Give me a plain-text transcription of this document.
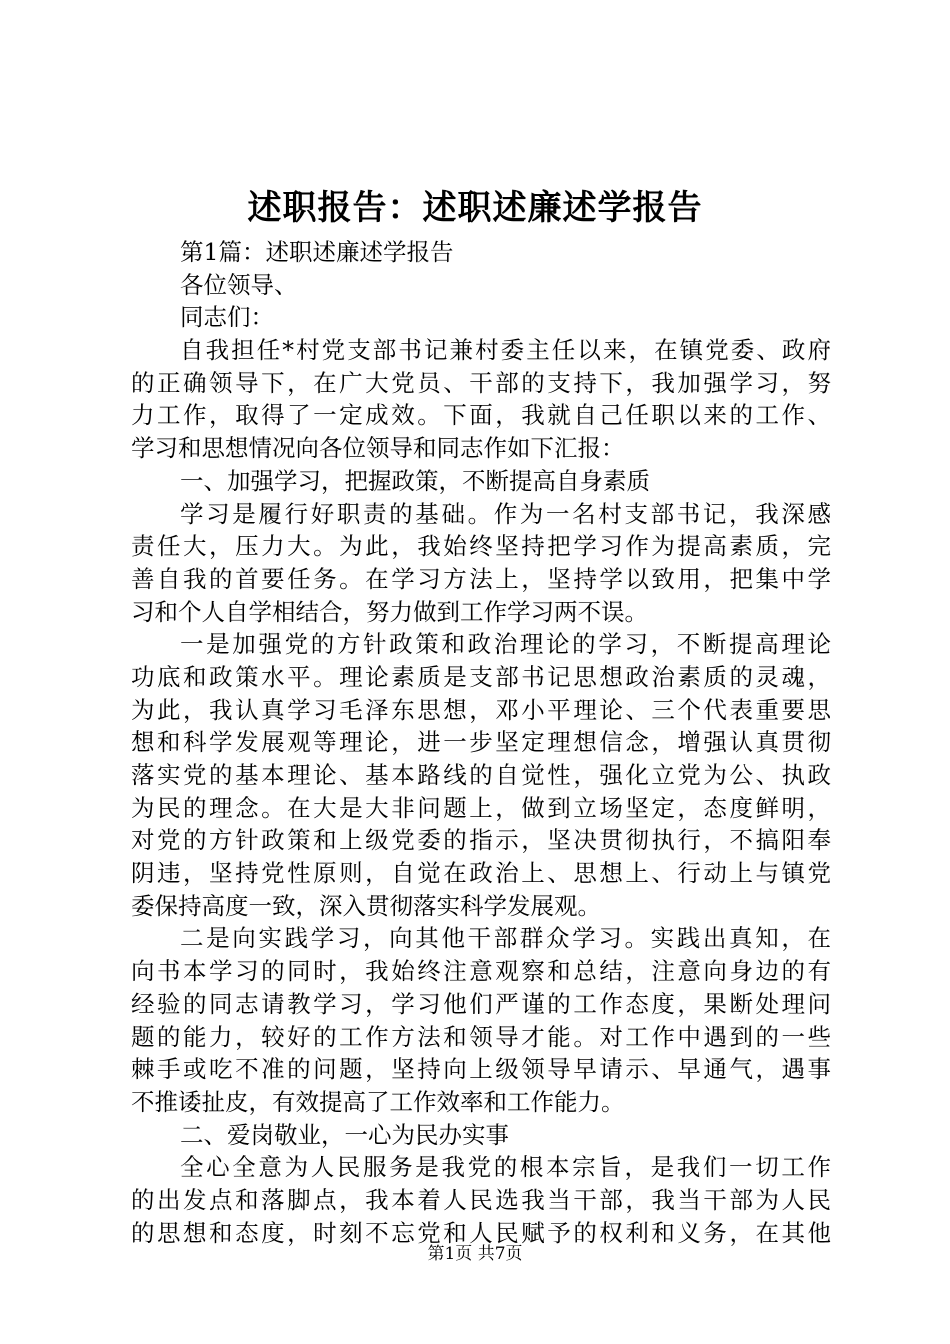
述职报告：述职述廉述学报告
第1篇：述职述廉述学报告
各位领导、
同志们：
自我担任*村党支部书记兼村委主任以来，在镇党委、政府
的正确领导下，在广大党员、干部的支持下，我加强学习，努
力工作，取得了一定成效。下面，我就自己任职以来的工作、
学习和思想情况向各位领导和同志作如下汇报：
一、加强学习，把握政策，不断提高自身素质
学习是履行好职责的基础。作为一名村支部书记，我深感
责任大，压力大。为此，我始终坚持把学习作为提高素质，完
善自我的首要任务。在学习方法上，坚持学以致用，把集中学
习和个人自学相结合，努力做到工作学习两不误。
一是加强党的方针政策和政治理论的学习，不断提高理论
功底和政策水平。理论素质是支部书记思想政治素质的灵魂，
为此，我认真学习毛泽东思想，邓小平理论、三个代表重要思
想和科学发展观等理论，进一步坚定理想信念，增强认真贯彻
落实党的基本理论、基本路线的自觉性，强化立党为公、执政
为民的理念。在大是大非问题上，做到立场坚定，态度鲜明，
对党的方针政策和上级党委的指示，坚决贯彻执行，不搞阳奉
阴违，坚持党性原则，自觉在政治上、思想上、行动上与镇党
委保持高度一致，深入贯彻落实科学发展观。
二是向实践学习，向其他干部群众学习。实践出真知，在
向书本学习的同时，我始终注意观察和总结，注意向身边的有
经验的同志请教学习，学习他们严谨的工作态度，果断处理问
题的能力，较好的工作方法和领导才能。对工作中遇到的一些
棘手或吃不准的问题，坚持向上级领导早请示、早通气，遇事
不推诿扯皮，有效提高了工作效率和工作能力。
二、爱岗敬业，一心为民办实事
全心全意为人民服务是我党的根本宗旨，是我们一切工作
的出发点和落脚点，我本着人民选我当干部，我当干部为人民
的思想和态度，时刻不忘党和人民赋予的权利和义务，在其他
第1页 共7页
